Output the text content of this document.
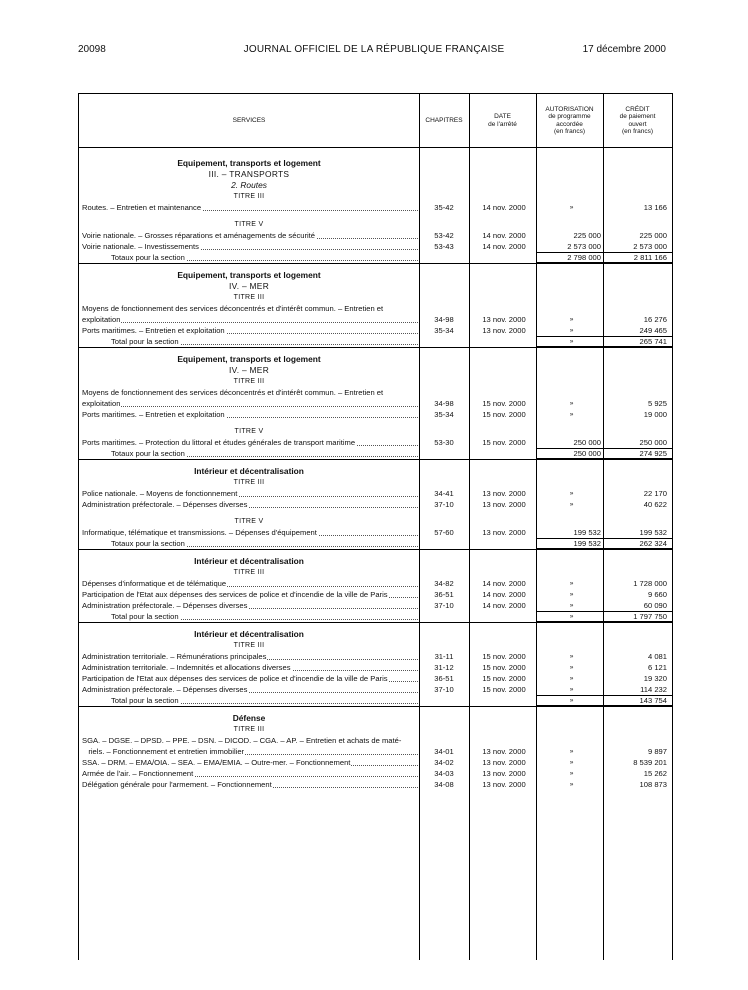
20098	JOURNAL OFFICIEL DE LA RÉPUBLIQUE FRANÇAISE	17 décembre 2000
SERVICES	CHAPITRES
DATE
de l'arrêté
AUTORISATION
de programme
accordée
(en francs)
CRÉDIT
de paiement
ouvert
(en francs)
Equipement, transports et logement
III. – TRANSPORTS
2. Routes
TITRE III
Routes. – Entretien et maintenance	35-42	14 nov. 2000	»	13 166
TITRE V
Voirie nationale. – Grosses réparations et aménagements de sécurité	53-42	14 nov. 2000	225 000	225 000
Voirie nationale. – Investissements	53-43	14 nov. 2000	2 573 000	2 573 000
Totaux pour la section	2 798 000	2 811 166
Equipement, transports et logement
IV. – MER
TITRE III
Moyens de fonctionnement des services déconcentrés et d'intérêt commun. – Entretien et
exploitation	34-98	13 nov. 2000	»	16 276
Ports maritimes. – Entretien et exploitation	35-34	13 nov. 2000	»	249 465
Total pour la section	»	265 741
Equipement, transports et logement
IV. – MER
TITRE III
Moyens de fonctionnement des services déconcentrés et d'intérêt commun. – Entretien et
exploitation	34-98	15 nov. 2000	»	5 925
Ports maritimes. – Entretien et exploitation	35-34	15 nov. 2000	»	19 000
TITRE V
Ports maritimes. – Protection du littoral et études générales de transport maritime	53-30	15 nov. 2000	250 000	250 000
Totaux pour la section	250 000	274 925
Intérieur et décentralisation
TITRE III
Police nationale. – Moyens de fonctionnement	34-41	13 nov. 2000	»	22 170
Administration préfectorale. – Dépenses diverses	37-10	13 nov. 2000	»	40 622
TITRE V
Informatique, télématique et transmissions. – Dépenses d'équipement	57-60	13 nov. 2000	199 532	199 532
Totaux pour la section	199 532	262 324
Intérieur et décentralisation
TITRE III
Dépenses d'informatique et de télématique	34-82	14 nov. 2000	»	1 728 000
Participation de l'Etat aux dépenses des services de police et d'incendie de la ville de Paris	36-51	14 nov. 2000	»	9 660
Administration préfectorale. – Dépenses diverses	37-10	14 nov. 2000	»	60 090
Total pour la section	»	1 797 750
Intérieur et décentralisation
TITRE III
Administration territoriale. – Rémunérations principales	31-11	15 nov. 2000	»	4 081
Administration territoriale. – Indemnités et allocations diverses	31-12	15 nov. 2000	»	6 121
Participation de l'Etat aux dépenses des services de police et d'incendie de la ville de Paris	36-51	15 nov. 2000	»	19 320
Administration préfectorale. – Dépenses diverses	37-10	15 nov. 2000	»	114 232
Total pour la section	»	143 754
Défense
TITRE III
SGA. – DGSE. – DPSD. – PPE. – DSN. – DICOD. – CGA. – AP. – Entretien et achats de maté-
riels. – Fonctionnement et entretien immobilier	34-01	13 nov. 2000	»	9 897
SSA. – DRM. – EMA/OIA. – SEA. – EMA/EMIA. – Outre-mer. – Fonctionnement	34-02	13 nov. 2000	»	8 539 201
Armée de l'air. – Fonctionnement	34-03	13 nov. 2000	»	15 262
Délégation générale pour l'armement. – Fonctionnement	34-08	13 nov. 2000	»	108 873
